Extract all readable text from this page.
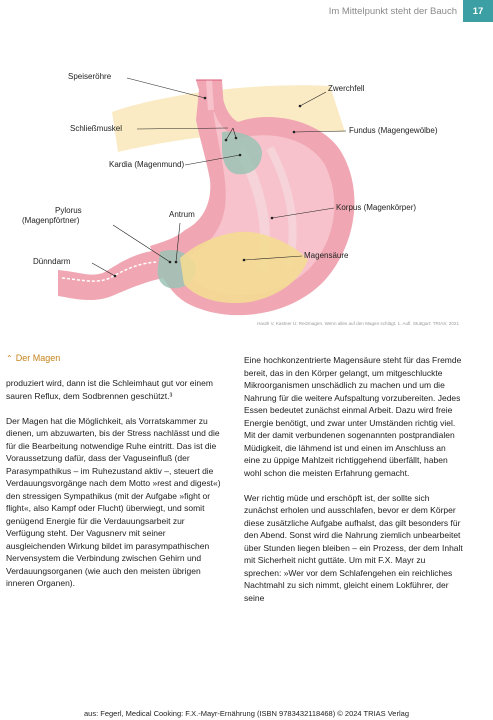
Im Mittelpunkt steht der Bauch	17
Speiseröhre
Zwerchfell
Schließmuskel	Fundus (Magengewölbe)
Kardia (Magenmund)
Pylorus
(Magenpförtner)
Antrum
Korpus (Magenkörper)
Dünndarm
Magensäure
Hauth V, Kastner U: Reizmagen. Wenn alles auf den Magen schlägt. 1. Aufl. Stuttgart: TRIAS; 2021
⌃ Der Magen

produziert wird, dann ist die Schleimhaut gut vor einem sauren Reflux, dem Sodbrennen geschützt.³

Der Magen hat die Möglichkeit, als Vorratskammer zu dienen, um abzuwarten, bis der Stress nachlässt und die für die Bearbeitung notwendige Ruhe eintritt. Das ist die Voraussetzung dafür, dass der Vaguseinfluß (der Parasympathikus – im Ruhezustand aktiv –, steuert die Verdauungsvorgänge nach dem Motto »rest and digest«) den stressigen Sympathikus (mit der Aufgabe »fight or flight«, also Kampf oder Flucht) überwiegt, und somit genügend Energie für die Verdauungsarbeit zur Verfügung steht. Der Vagusnerv mit seiner ausgleichenden Wirkung bildet im parasympathischen Nervensystem die Verbindung zwischen Gehirn und Verdauungsorganen (wie auch den meisten übrigen inneren Organen).

Eine hochkonzentrierte Magensäure steht für das Fremde bereit, das in den Körper gelangt, um mitgeschluckte Mikroorganismen unschädlich zu machen und um die Nahrung für die weitere Aufspaltung vorzubereiten. Jedes Essen bedeutet zunächst einmal Arbeit. Dazu wird freie Energie benötigt, und zwar unter Umständen richtig viel. Mit der damit verbundenen sogenannten postprandialen Müdigkeit, die lähmend ist und einen im Anschluss an eine zu üppige Mahlzeit richtiggehend überfällt, haben wohl schon die meisten Erfahrung gemacht.

Wer richtig müde und erschöpft ist, der sollte sich zunächst erholen und ausschlafen, bevor er dem Körper diese zusätzliche Aufgabe aufhalst, das gilt besonders für den Abend. Sonst wird die Nahrung ziemlich unbearbeitet über Stunden liegen bleiben – ein Prozess, der dem Inhalt mit Sicherheit nicht guttäte. Um mit F.X. Mayr zu sprechen: »Wer vor dem Schlafengehen ein reichliches Nachtmahl zu sich nimmt, gleicht einem Lokführer, der seine

aus: Fegerl, Medical Cooking: F.X.-Mayr-Ernährung (ISBN 9783432118468) © 2024 TRIAS Verlag
